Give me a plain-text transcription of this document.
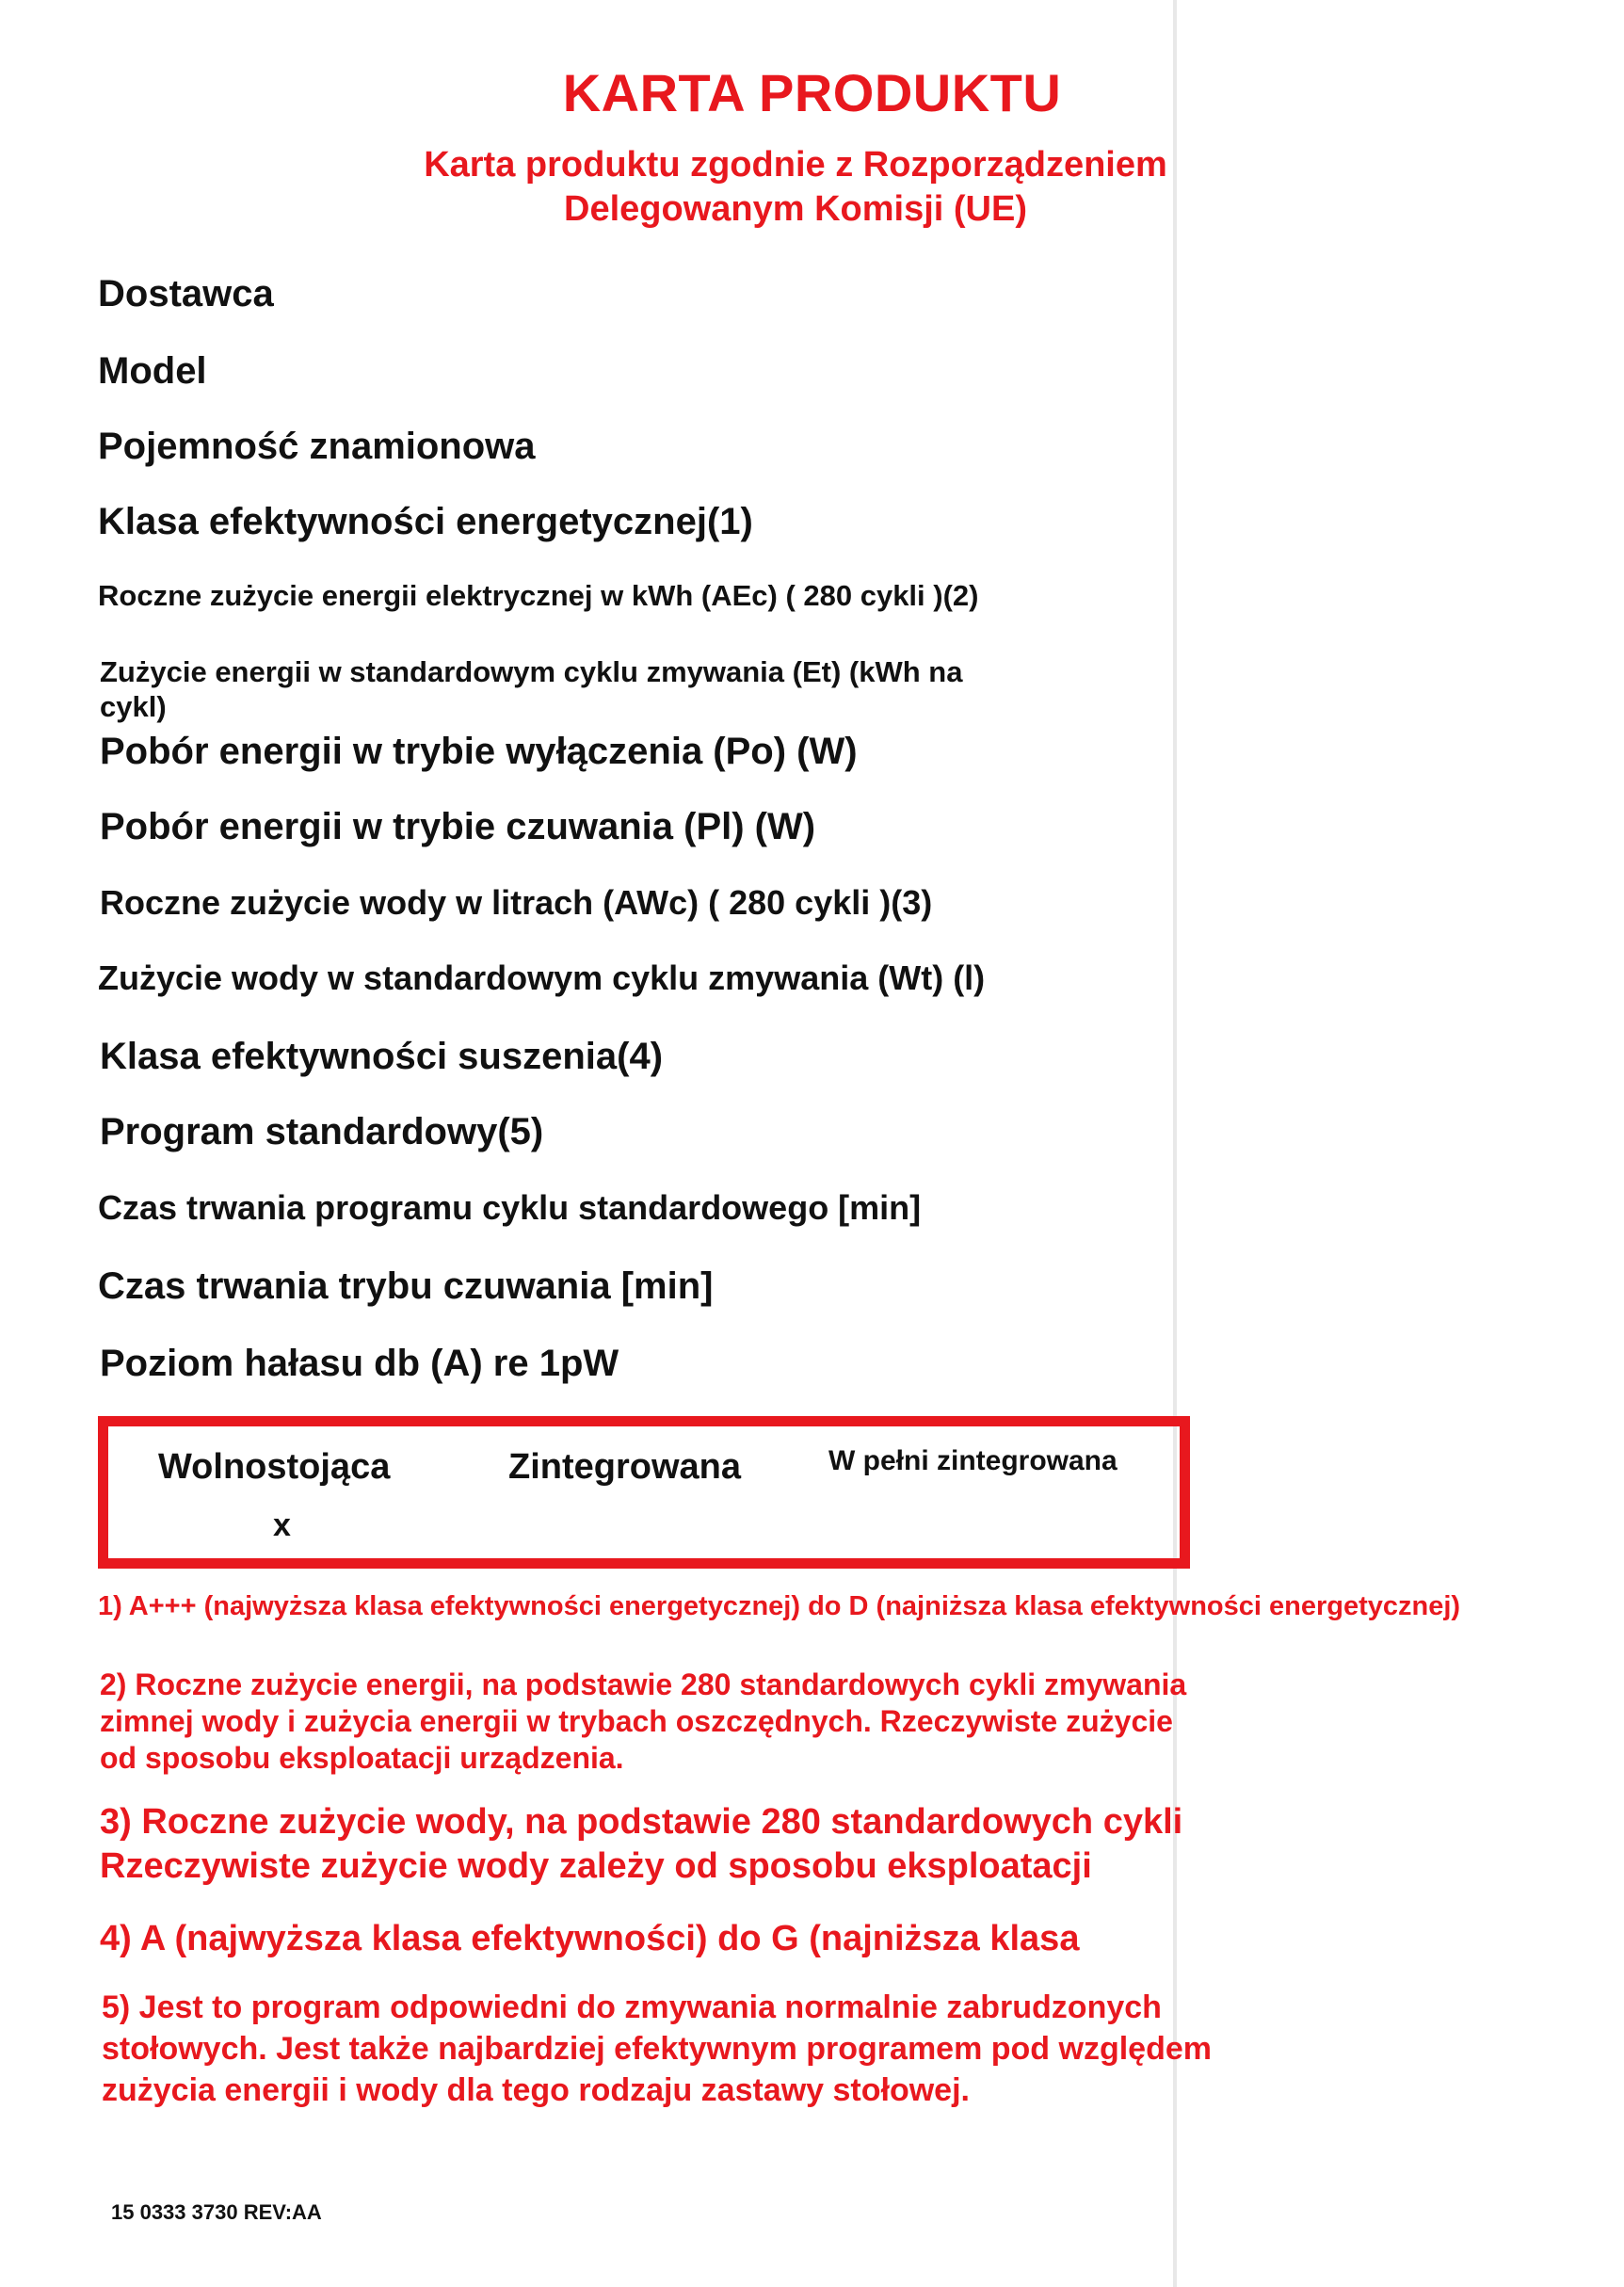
KARTA PRODUKTU
Karta produktu zgodnie z Rozporządzeniem
Delegowanym Komisji (UE)
Dostawca
Model
Pojemność znamionowa
Klasa efektywności energetycznej(1)
Roczne zużycie energii elektrycznej w kWh (AEc) ( 280 cykli )(2)
Zużycie energii w standardowym cyklu zmywania (Et) (kWh na cykl)
Pobór energii w trybie wyłączenia (Po) (W)
Pobór energii w trybie czuwania (Pl) (W)
Roczne zużycie wody w litrach (AWc) ( 280 cykli )(3)
Zużycie wody w standardowym cyklu zmywania (Wt) (l)
Klasa efektywności suszenia(4)
Program standardowy(5)
Czas trwania programu cyklu standardowego [min]
Czas trwania trybu czuwania [min]
Poziom hałasu db (A) re 1pW
Wolnostojąca	Zintegrowana	W pełni zintegrowana
x
1) A+++ (najwyższa klasa efektywności energetycznej) do D (najniższa klasa efektywności energetycznej)
2) Roczne zużycie energii, na podstawie 280 standardowych cykli zmywania
zimnej wody i zużycia energii w trybach oszczędnych. Rzeczywiste zużycie
od sposobu eksploatacji urządzenia.
3) Roczne zużycie wody, na podstawie 280 standardowych cykli
Rzeczywiste zużycie wody zależy od sposobu eksploatacji
4) A (najwyższa klasa efektywności) do G (najniższa klasa
5) Jest to program odpowiedni do zmywania normalnie zabrudzonych
stołowych. Jest także najbardziej efektywnym programem pod względem
zużycia energii i wody dla tego rodzaju zastawy stołowej.
15 0333 3730 REV:AA
